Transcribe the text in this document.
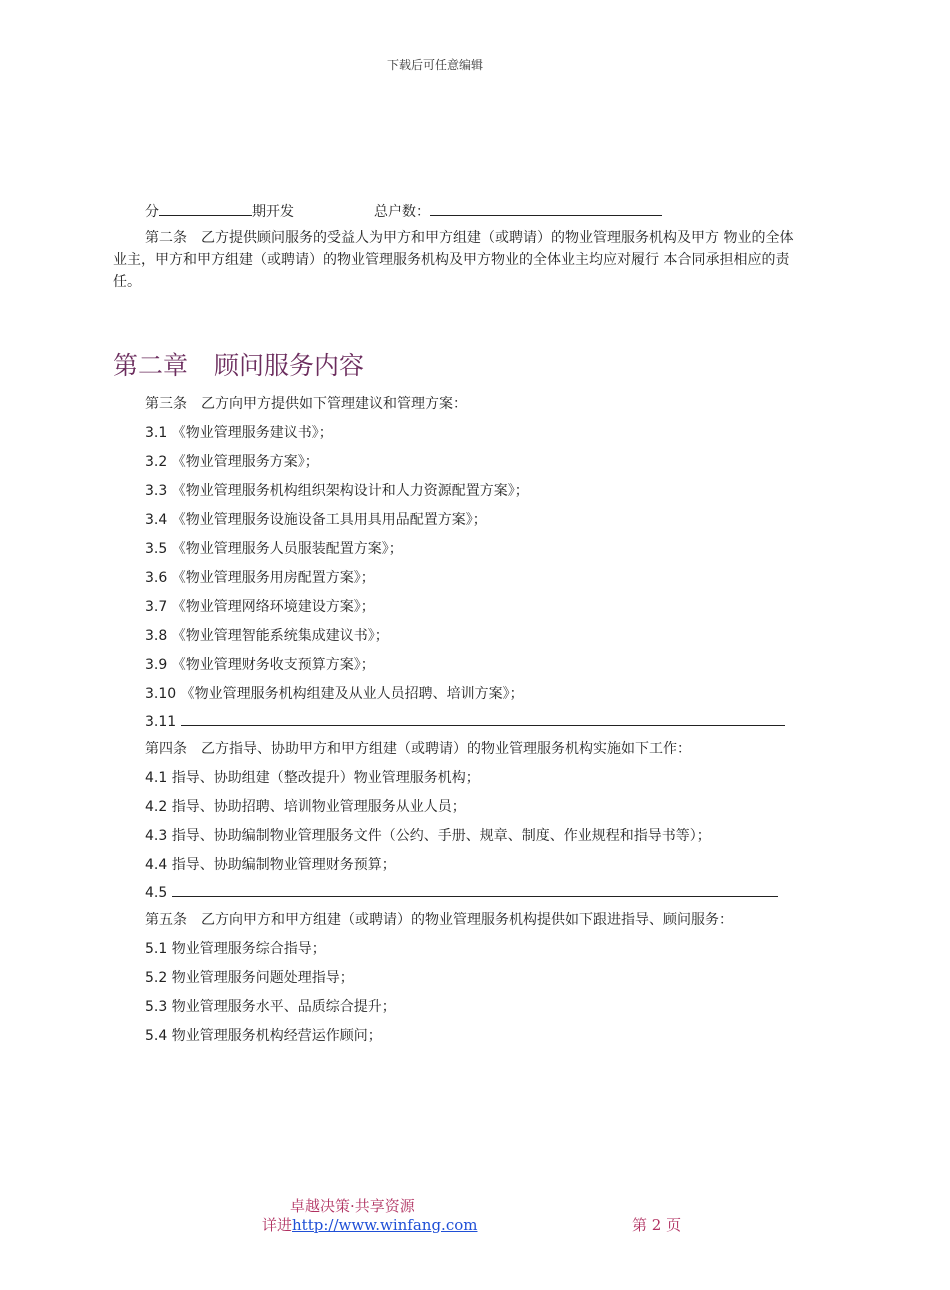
下载后可任意编辑
分	期开发	总户数：
第二条　乙方提供顾问服务的受益人为甲方和甲方组建（或聘请）的物业管理服务机构及甲方 物业的全体业主，甲方和甲方组建（或聘请）的物业管理服务机构及甲方物业的全体业主均应对履行 本合同承担相应的责任。
第二章 顾问服务内容
第三条　乙方向甲方提供如下管理建议和管理方案：
3.1 《物业管理服务建议书》；
3.2 《物业管理服务方案》；
3.3 《物业管理服务机构组织架构设计和人力资源配置方案》；
3.4 《物业管理服务设施设备工具用具用品配置方案》；
3.5 《物业管理服务人员服装配置方案》；
3.6 《物业管理服务用房配置方案》；
3.7 《物业管理网络环境建设方案》；
3.8 《物业管理智能系统集成建议书》；
3.9 《物业管理财务收支预算方案》；
3.10 《物业管理服务机构组建及从业人员招聘、培训方案》；
3.11
第四条　乙方指导、协助甲方和甲方组建（或聘请）的物业管理服务机构实施如下工作：
4.1 指导、协助组建（整改提升）物业管理服务机构；
4.2 指导、协助招聘、培训物业管理服务从业人员；
4.3 指导、协助编制物业管理服务文件（公约、手册、规章、制度、作业规程和指导书等）；
4.4 指导、协助编制物业管理财务预算；
4.5
第五条　乙方向甲方和甲方组建（或聘请）的物业管理服务机构提供如下跟进指导、顾问服务：
5.1 物业管理服务综合指导；
5.2 物业管理服务问题处理指导；
5.3 物业管理服务水平、品质综合提升；
5.4 物业管理服务机构经营运作顾问；
卓越决策·共享资源
详进http://www.winfang.com	第 2 页
